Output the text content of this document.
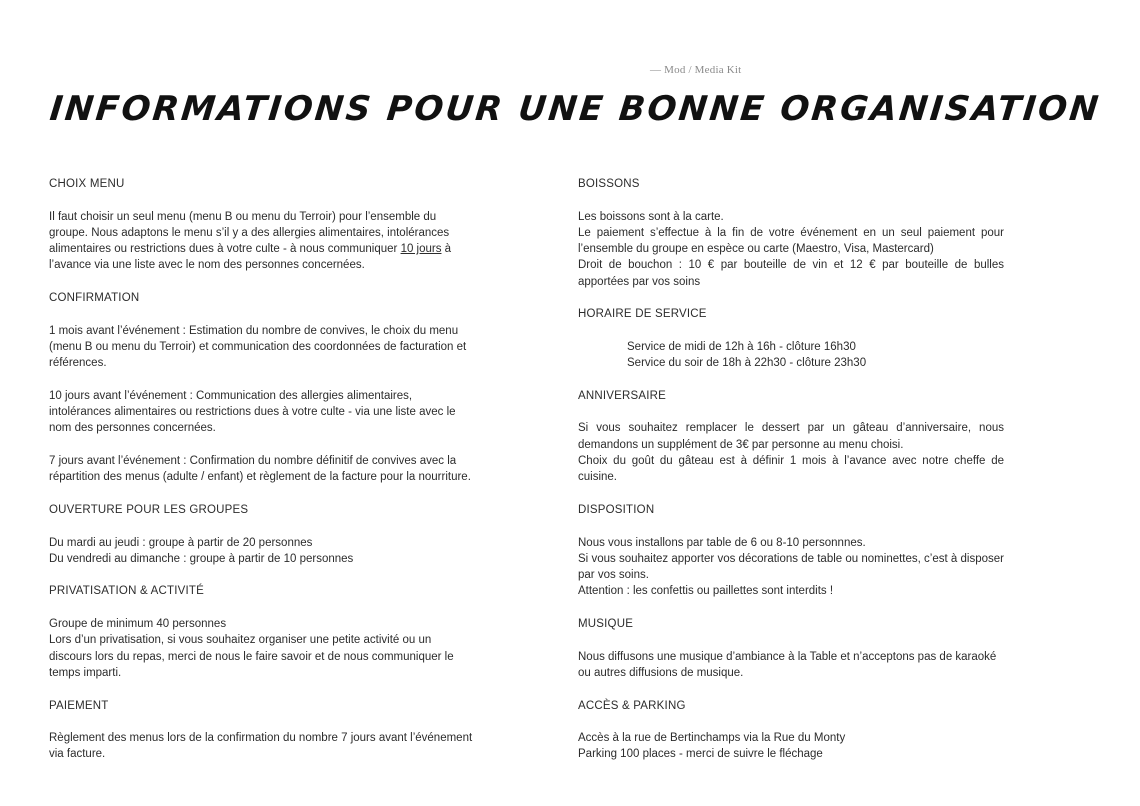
— Mod / Media Kit
INFORMATIONS POUR UNE BONNE ORGANISATION
CHOIX MENU
Il faut choisir un seul menu (menu B ou menu du Terroir) pour l’ensemble du groupe. Nous adaptons le menu s’il y a des allergies alimentaires, intolérances alimentaires ou restrictions dues à votre culte - à nous communiquer 10 jours à l’avance via une liste avec le nom des personnes concernées.
CONFIRMATION
1 mois avant l’événement : Estimation du nombre de convives, le choix du menu (menu B ou menu du Terroir) et communication des coordonnées de facturation et références.
10 jours avant l’événement : Communication des allergies alimentaires, intolérances alimentaires ou restrictions dues à votre culte - via une liste avec le nom des personnes concernées.
7 jours avant l’événement : Confirmation du nombre définitif de convives avec la répartition des menus (adulte / enfant) et règlement de la facture pour la nourriture.
OUVERTURE POUR LES GROUPES
Du mardi au jeudi : groupe à partir de 20 personnes
Du vendredi au dimanche : groupe à partir de 10 personnes
PRIVATISATION & ACTIVITÉ
Groupe de minimum 40 personnes
Lors d’un privatisation, si vous souhaitez organiser une petite activité ou un discours lors du repas, merci de nous le faire savoir et de nous communiquer le temps imparti.
PAIEMENT
Règlement des menus lors de la confirmation du nombre 7 jours avant l’événement via facture.
BOISSONS
Les boissons sont à la carte.
Le paiement s’effectue à la fin de votre événement en un seul paiement pour l’ensemble du groupe en espèce ou carte (Maestro, Visa, Mastercard)
Droit de bouchon : 10 € par bouteille de vin et 12 € par bouteille de bulles apportées par vos soins
HORAIRE DE SERVICE
Service de midi de 12h à 16h - clôture 16h30
Service du soir de 18h à 22h30 - clôture 23h30
ANNIVERSAIRE
Si vous souhaitez remplacer le dessert par un gâteau d’anniversaire, nous demandons un supplément de 3€ par personne au menu choisi.
Choix du goût du gâteau est à définir 1 mois à l’avance avec notre cheffe de cuisine.
DISPOSITION
Nous vous installons par table de 6 ou 8-10 personnnes.
Si vous souhaitez apporter vos décorations de table ou nominettes, c’est à disposer par vos soins.
Attention : les confettis ou paillettes sont interdits !
MUSIQUE
Nous diffusons une musique d’ambiance à la Table et n’acceptons pas de karaoké ou autres diffusions de musique.
ACCÈS & PARKING
Accès à la rue de Bertinchamps via la Rue du Monty
Parking 100 places - merci de suivre le fléchage
